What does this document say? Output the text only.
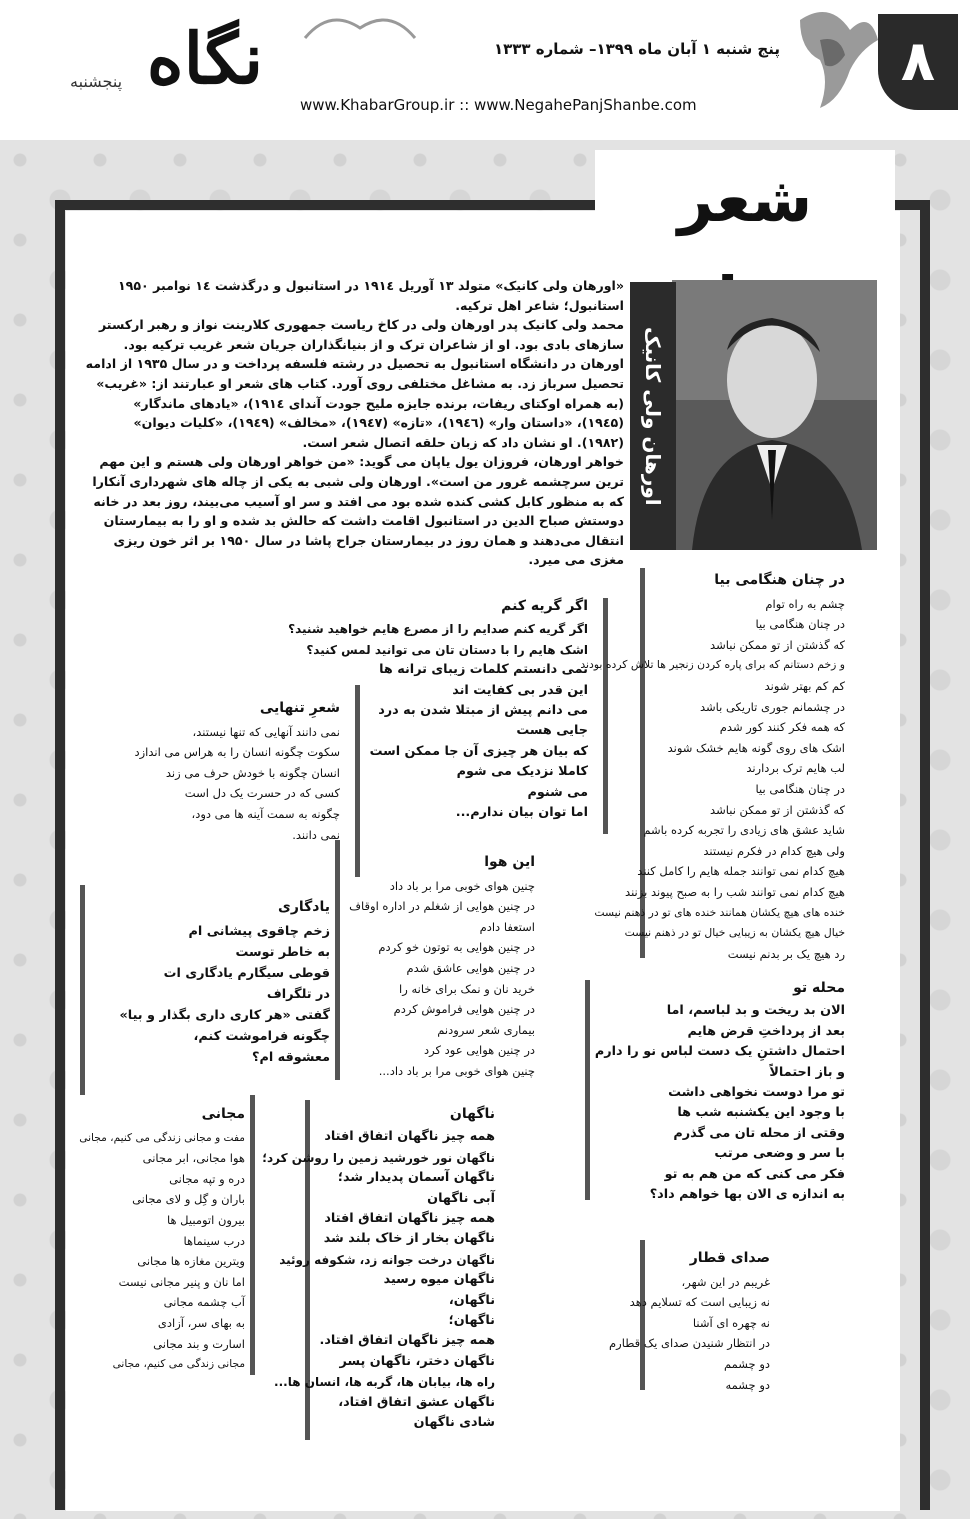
۸
پنج شنبه ۱ آبان ماه ۱۳۹۹– شماره ۱۳۳۳
www.KhabarGroup.ir :: www.NegahePanjShanbe.com
نگاه
پنجشنبه
شعر
اورهان ولی کانیک

«اورهان ولی کانیک» متولد ۱۳ آوریل ۱۹۱٤ در استانبول و درگذشت ١٤ نوامبر ۱۹۵۰ استانبول؛ شاعر اهل ترکیه.

محمد ولی کانیک پدر اورهان ولی در کاخ ریاست جمهوری کلارینت نواز و رهبر ارکستر سازهای بادی بود. او از شاعران ترک و از بنیانگذاران جریان شعر غریب ترکیه بود.

اورهان در دانشگاه استانبول به تحصیل در رشته فلسفه پرداخت و در سال ۱۹۳۵ از ادامه تحصیل سرباز زد. به مشاغل مختلفی روی آورد. کتاب های شعر او عبارتند از: «غریب» (به همراه اوکتای ریفات، برنده جایزه ملیح جودت آندای ۱۹۱٤)، «یادهای ماندگار» (۱۹٤۵)، «داستان وار» (۱۹٤٦)، «تازه» (۱۹٤٧)، «مخالف» (۱۹٤۹)، «کلیات دیوان» (۱۹۸۲). او نشان داد که زبان حلقه اتصال شعر است.

خواهر اورهان، فروزان یول یاپان می گوید: «من خواهر اورهان ولی هستم و این مهم ترین سرچشمه غرور من است». اورهان ولی شبی به یکی از چاله های شهرداری آنکارا که به منظور کابل کشی کنده شده بود می افتد و سر او آسیب می‌بیند، روز بعد در خانه دوستش صباح الدین در استانبول اقامت داشت که حالش بد شده و او را به بیمارستان انتقال می‌دهند و همان روز در بیمارستان جراح پاشا در سال ۱۹۵۰ بر اثر خون ریزی مغزی می میرد.

در چنان هنگامی بیا
چشم به راه توام
در چنان هنگامی بیا
که گذشتن از تو ممکن نباشد
و زخم دستانم که برای پاره کردن زنجیر ها تلاش کرده بودند
کم کم بهتر شوند
در چشمانم جوری تاریکی باشد
که همه فکر کنند کور شدم
اشک های روی گونه هایم خشک شوند
لب هایم ترک بردارند
در چنان هنگامی بیا
که گذشتن از تو ممکن نباشد
شاید عشق های زیادی را تجربه کرده باشم
ولی هیچ کدام در فکرم نیستند
هیچ کدام نمی توانند جمله هایم را کامل کنند
هیچ کدام نمی توانند شب را به صبح پیوند بزنند
خنده های هیچ یکشان همانند خنده های تو در ذهنم نیست
خیال هیچ یکشان به زیبایی خیال تو در ذهنم نیست
رد هیچ یک بر بدنم نیست
اگر گریه کنم
اگر گریه کنم صدایم را از مصرع هایم خواهید شنید؟
اشک هایم را با دستان تان می توانید لمس کنید؟
نمی دانستم کلمات زیبای ترانه ها
این قدر بی کفایت اند
می دانم پیش از مبتلا شدن به درد
جایی هست
که بیان هر چیزی آن جا ممکن است
کاملا نزدیک می شوم
می شنوم
اما توان بیان ندارم...
شعرِ تنهایی
نمی دانند آنهایی که تنها نیستند،
سکوت چگونه انسان را به هراس می اندازد
انسان چگونه با خودش حرف می زند
کسی که در حسرت یک دل است
چگونه به سمت آینه ها می دود،
نمی دانند.
این هوا
چنین هوای خوبی مرا بر باد داد
در چنین هوایی از شغلم در اداره اوقاف
استعفا دادم
در چنین هوایی به توتون خو کردم
در چنین هوایی عاشق شدم
خرید نان و نمک برای خانه را
در چنین هوایی فراموش کردم
بیماری شعر سرودنم
در چنین هوایی عود کرد
چنین هوای خوبی مرا بر باد داد...
یادگاری
زخم چاقوی پیشانی ام
به خاطر توست
قوطی سیگارم یادگاری ات
در تلگراف
گفتی «هر کاری داری بگذار و بیا»
چگونه فراموشت کنم،
معشوقه ام؟
محله تو
الان بد ریخت و بد لباسم، اما
بعد از پرداختِ قرض هایم
احتمال داشتنِ یک دست لباس نو را دارم
و باز احتمالاً
تو مرا دوست نخواهی داشت
با وجود این یکشنبه شب ها
وقتی از محله تان می گذرم
با سر و وضعی مرتب
فکر می کنی که من هم به تو
به اندازه ی الان بها خواهم داد؟
مجانی
مفت و مجانی زندگی می کنیم، مجانی
هوا مجانی، ابر مجانی
دره و تپه مجانی
باران و گِل و لای مجانی
بیرون اتومبیل ها
درب سینماها
ویترین مغازه ها مجانی
اما نان و پنیر مجانی نیست
آب چشمه مجانی
به بهای سر، آزادی
اسارت و بند مجانی
مجانی زندگی می کنیم، مجانی
ناگهان
همه چیز ناگهان اتفاق افتاد
ناگهان نور خورشید زمین را روشن کرد؛
ناگهان آسمان پدیدار شد؛
آبی ناگهان
همه چیز ناگهان اتفاق افتاد
ناگهان بخار از خاک بلند شد
ناگهان درخت جوانه زد، شکوفه روئید
ناگهان میوه رسید
ناگهان،
ناگهان؛
همه چیز ناگهان اتفاق افتاد.
ناگهان دختر، ناگهان پسر
راه ها، بیابان ها، گربه ها، انسان ها...
ناگهان عشق اتفاق افتاد،
شادی ناگهان
صدای قطار
غریبم در این شهر،
نه زیبایی است که تسلایم دهد
نه چهره ای آشنا
در انتظار شنیدن صدای یک قطارم
دو چشمم
دو چشمه
